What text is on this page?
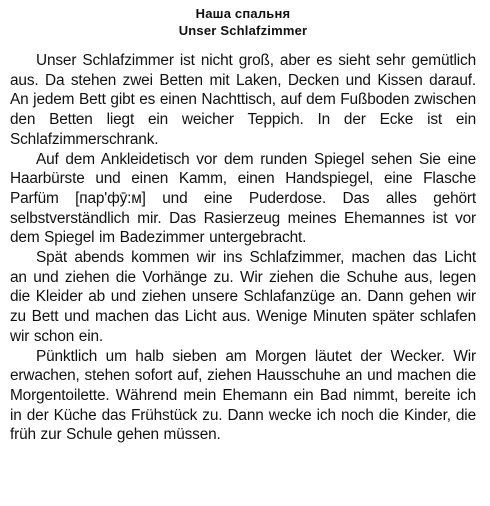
Наша спальня
Unser Schlafzimmer

Unser Schlafzimmer ist nicht groß, aber es sieht sehr gemütlich aus. Da stehen zwei Betten mit Laken, Decken und Kissen darauf. An jedem Bett gibt es einen Nachttisch, auf dem Fußboden zwischen den Betten liegt ein weicher Teppich. In der Ecke ist ein Schlafzimmerschrank.

Auf dem Ankleidetisch vor dem runden Spiegel sehen Sie eine Haarbürste und einen Kamm, einen Handspiegel, eine Flasche Parfüm [пар'фӯ:м] und eine Puderdose. Das alles gehört selbstverständlich mir. Das Rasierzeug meines Ehemannes ist vor dem Spiegel im Badezimmer untergebracht.

Spät abends kommen wir ins Schlafzimmer, machen das Licht an und ziehen die Vorhänge zu. Wir ziehen die Schuhe aus, legen die Kleider ab und ziehen unsere Schlafanzüge an. Dann gehen wir zu Bett und machen das Licht aus. Wenige Minuten später schlafen wir schon ein.

Pünktlich um halb sieben am Morgen läutet der Wecker. Wir erwachen, stehen sofort auf, ziehen Hausschuhe an und machen die Morgentoilette. Während mein Ehemann ein Bad nimmt, bereite ich in der Küche das Frühstück zu. Dann wecke ich noch die Kinder, die früh zur Schule gehen müssen.
